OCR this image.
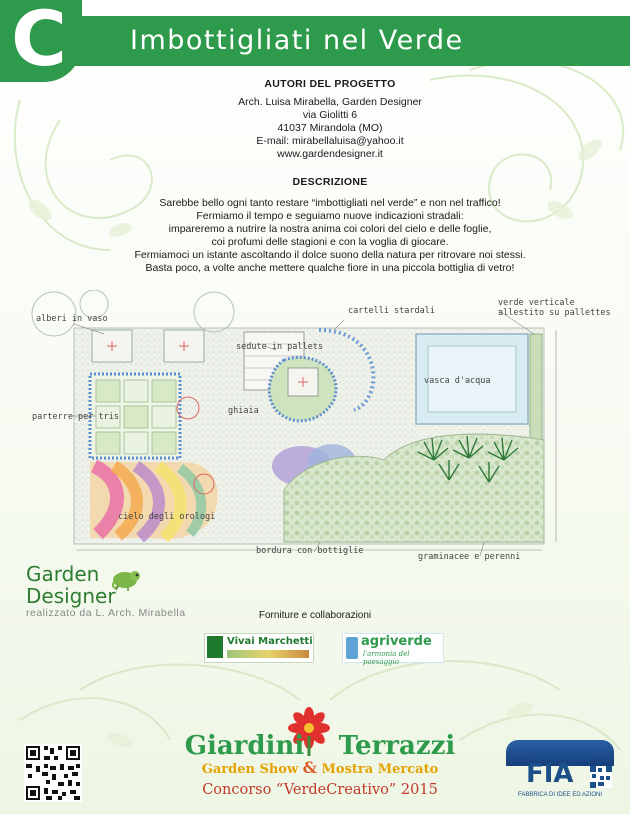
C	Imbottigliati nel Verde
AUTORI DEL PROGETTO
Arch. Luisa Mirabella, Garden Designer
via Giolitti 6
41037 Mirandola (MO)
E-mail: mirabellaluisa@yahoo.it
www.gardendesigner.it
DESCRIZIONE
Sarebbe bello ogni tanto restare “imbottigliati nel verde” e non nel traffico!
Fermiamo il tempo e seguiamo nuove indicazioni stradali:
impareremo a nutrire la nostra anima coi colori del cielo e delle foglie,
coi profumi delle stagioni e con la voglia di giocare.
Fermiamoci un istante ascoltando il dolce suono della natura per ritrovare noi stessi.
Basta poco, a volte anche mettere qualche fiore in una piccola bottiglia di vetro!
alberi in vaso
cartelli stardali
verde verticale
allestito su pallettes
sedute in pallets
vasca d'acqua
parterre per tris
ghiaia
cielo degli orologi
bordura con bottiglie
graminacee e perenni
Garden
Designer
realizzato da L. Arch. Mirabella	Forniture e collaborazioni
Vivai Marchetti	agriverde
l'armonia del paesaggio
Giardini Terrazzi
Garden Show & Mostra Mercato
Concorso “VerdeCreativo” 2015
CONSORZIO
FIA
FABBRICA DI IDEE ED AZIONI
